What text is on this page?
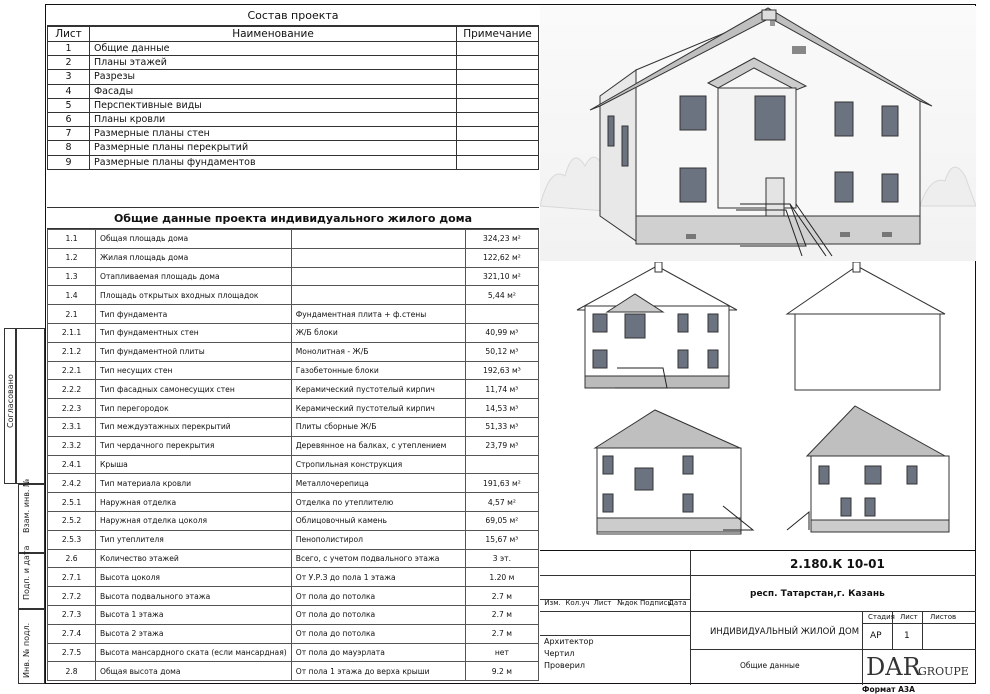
Согласовано
Взам. инв. №
Подп. и дата
Инв. № подл.
Состав проекта
Лист	Наименование	Примечание
1	Общие данные	
2	Планы этажей	
3	Разрезы	
4	Фасады	
5	Перспективные виды	
6	Планы кровли	
7	Размерные планы стен	
8	Размерные планы перекрытий	
9	Размерные планы фундаментов	
Общие данные проекта индивидуального жилого дома
1.1	Общая площадь дома		324,23 м²
1.2	Жилая площадь дома		122,62 м²
1.3	Отапливаемая площадь дома		321,10 м²
1.4	Площадь открытых входных площадок		5,44 м²
2.1	Тип фундамента	Фундаментная плита + ф.стены	
2.1.1	Тип фундаментных стен	Ж/Б блоки	40,99 м³
2.1.2	Тип фундаментной плиты	Монолитная - Ж/Б	50,12 м³
2.2.1	Тип несущих стен	Газобетонные блоки	192,63 м³
2.2.2	Тип фасадных самонесущих стен	Керамический пустотелый кирпич	11,74 м³
2.2.3	Тип перегородок	Керамический пустотелый кирпич	14,53 м³
2.3.1	Тип междуэтажных перекрытий	Плиты сборные Ж/Б	51,33 м³
2.3.2	Тип чердачного перекрытия	Деревянное на балках, с утеплением	23,79 м³
2.4.1	Крыша	Стропильная конструкция	
2.4.2	Тип материала кровли	Металлочерепица	191,63 м²
2.5.1	Наружная отделка	Отделка по утеплителю	4,57 м²
2.5.2	Наружная отделка цоколя	Облицовочный камень	69,05 м²
2.5.3	Тип утеплителя	Пенополистирол	15,67 м³
2.6	Количество этажей	Всего, с учетом подвального этажа	3 эт.
2.7.1	Высота цоколя	От У.Р.З до пола 1 этажа	1.20 м
2.7.2	Высота подвального этажа	От пола до потолка	2.7 м
2.7.3	Высота 1 этажа	От пола до потолка	2.7 м
2.7.4	Высота 2 этажа	От пола до потолка	2.7 м
2.7.5	Высота мансардного ската (если мансардная)	От пола до мауэрлата	нет
2.8	Общая высота дома	От пола 1 этажа до верха крыши	9.2 м
2.180.К 10-01
респ. Татарстан,г. Казань
Изм. Кол.уч Лист №док Подпись
Дата
Архитектор
Чертил
Проверил
ИНДИВИДУАЛЬНЫЙ ЖИЛОЙ ДОМ
Стадия Лист Листов
АР 1
Общие данные	DAR
GROUPE
Формат А3А
